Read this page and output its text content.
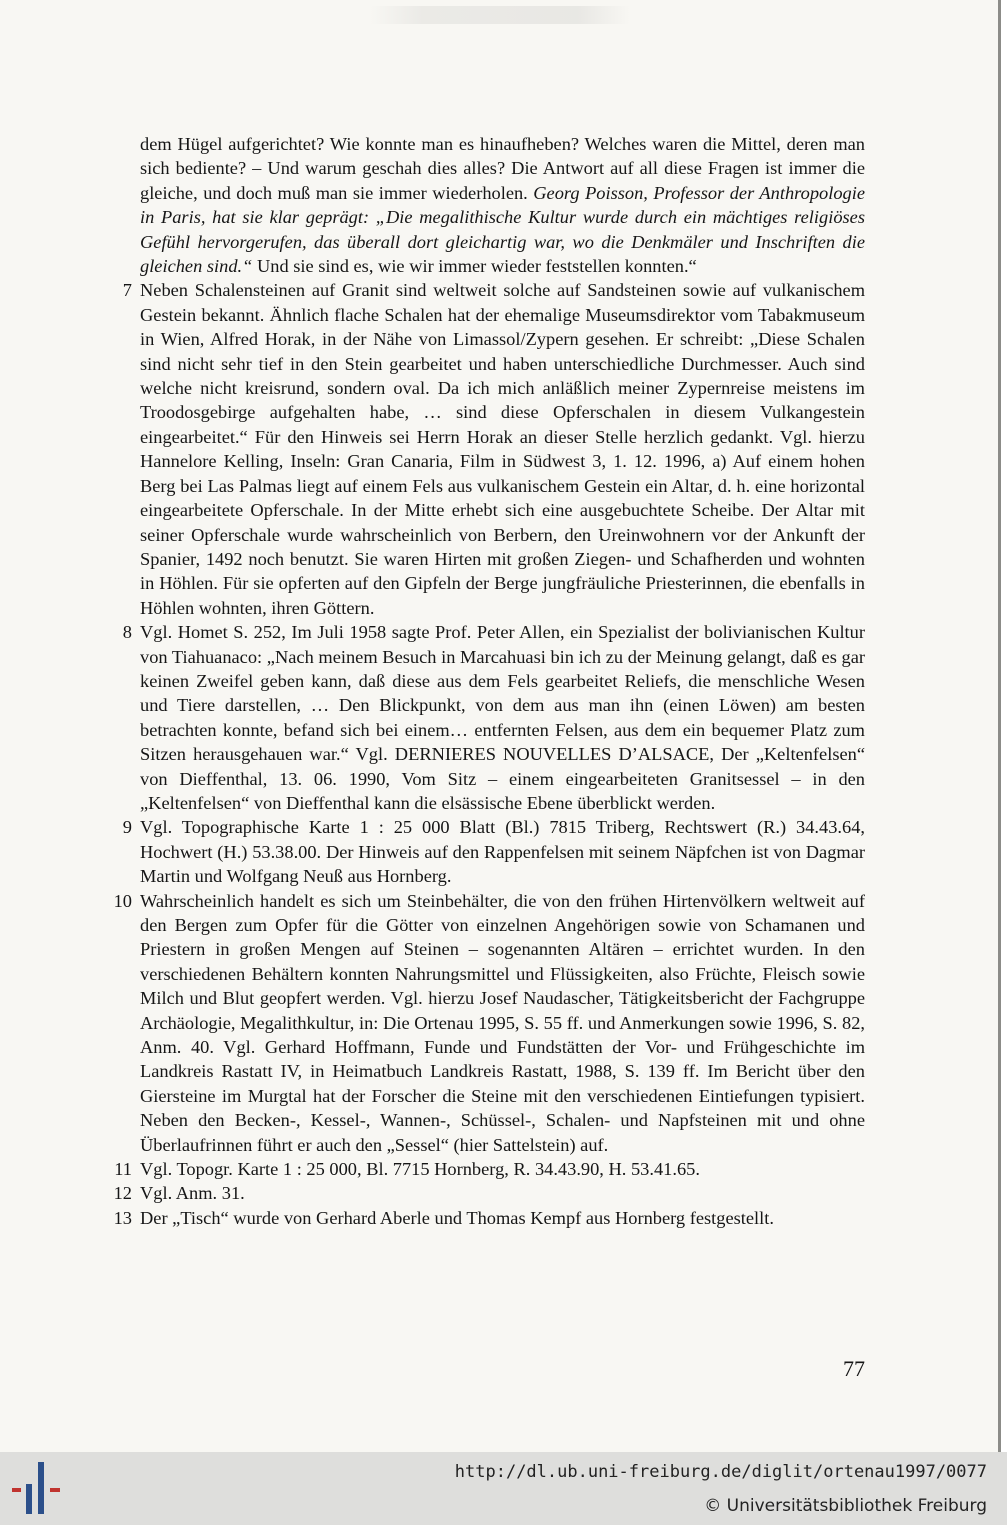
dem Hügel aufgerichtet? Wie konnte man es hinaufheben? Welches waren die Mittel, deren man sich bediente? – Und warum geschah dies alles? Die Antwort auf all diese Fragen ist immer die gleiche, und doch muß man sie immer wiederholen. Georg Poisson, Professor der Anthropologie in Paris, hat sie klar geprägt: „Die megalithische Kultur wurde durch ein mächtiges religiöses Gefühl hervorgerufen, das überall dort gleichartig war, wo die Denkmäler und Inschriften die gleichen sind.“ Und sie sind es, wie wir immer wieder feststellen konnten.“
7 Neben Schalensteinen auf Granit sind weltweit solche auf Sandsteinen sowie auf vulkanischem Gestein bekannt. Ähnlich flache Schalen hat der ehemalige Museumsdirektor vom Tabakmuseum in Wien, Alfred Horak, in der Nähe von Limassol/Zypern gesehen. Er schreibt: „Diese Schalen sind nicht sehr tief in den Stein gearbeitet und haben unterschiedliche Durchmesser. Auch sind welche nicht kreisrund, sondern oval. Da ich mich anläßlich meiner Zypernreise meistens im Troodosgebirge aufgehalten habe, … sind diese Opferschalen in diesem Vulkangestein eingearbeitet.“ Für den Hinweis sei Herrn Horak an dieser Stelle herzlich gedankt. Vgl. hierzu Hannelore Kelling, Inseln: Gran Canaria, Film in Südwest 3, 1. 12. 1996, a) Auf einem hohen Berg bei Las Palmas liegt auf einem Fels aus vulkanischem Gestein ein Altar, d. h. eine horizontal eingearbeitete Opferschale. In der Mitte erhebt sich eine ausgebuchtete Scheibe. Der Altar mit seiner Opferschale wurde wahrscheinlich von Berbern, den Ureinwohnern vor der Ankunft der Spanier, 1492 noch benutzt. Sie waren Hirten mit großen Ziegen- und Schafherden und wohnten in Höhlen. Für sie opferten auf den Gipfeln der Berge jungfräuliche Priesterinnen, die ebenfalls in Höhlen wohnten, ihren Göttern.
8 Vgl. Homet S. 252, Im Juli 1958 sagte Prof. Peter Allen, ein Spezialist der bolivianischen Kultur von Tiahuanaco: „Nach meinem Besuch in Marcahuasi bin ich zu der Meinung gelangt, daß es gar keinen Zweifel geben kann, daß diese aus dem Fels gearbeitet Reliefs, die menschliche Wesen und Tiere darstellen, … Den Blickpunkt, von dem aus man ihn (einen Löwen) am besten betrachten konnte, befand sich bei einem… entfernten Felsen, aus dem ein bequemer Platz zum Sitzen herausgehauen war.“ Vgl. DERNIERES NOUVELLES D’ALSACE, Der „Keltenfelsen“ von Dieffenthal, 13. 06. 1990, Vom Sitz – einem eingearbeiteten Granitsessel – in den „Keltenfelsen“ von Dieffenthal kann die elsässische Ebene überblickt werden.
9 Vgl. Topographische Karte 1 : 25 000 Blatt (Bl.) 7815 Triberg, Rechtswert (R.) 34.43.64, Hochwert (H.) 53.38.00. Der Hinweis auf den Rappenfelsen mit seinem Näpfchen ist von Dagmar Martin und Wolfgang Neuß aus Hornberg.
10 Wahrscheinlich handelt es sich um Steinbehälter, die von den frühen Hirtenvölkern weltweit auf den Bergen zum Opfer für die Götter von einzelnen Angehörigen sowie von Schamanen und Priestern in großen Mengen auf Steinen – sogenannten Altären – errichtet wurden. In den verschiedenen Behältern konnten Nahrungsmittel und Flüssigkeiten, also Früchte, Fleisch sowie Milch und Blut geopfert werden. Vgl. hierzu Josef Naudascher, Tätigkeitsbericht der Fachgruppe Archäologie, Megalithkultur, in: Die Ortenau 1995, S. 55 ff. und Anmerkungen sowie 1996, S. 82, Anm. 40. Vgl. Gerhard Hoffmann, Funde und Fundstätten der Vor- und Frühgeschichte im Landkreis Rastatt IV, in Heimatbuch Landkreis Rastatt, 1988, S. 139 ff. Im Bericht über den Giersteine im Murgtal hat der Forscher die Steine mit den verschiedenen Eintiefungen typisiert. Neben den Becken-, Kessel-, Wannen-, Schüssel-, Schalen- und Napfsteinen mit und ohne Überlaufrinnen führt er auch den „Sessel“ (hier Sattelstein) auf.
11 Vgl. Topogr. Karte 1 : 25 000, Bl. 7715 Hornberg, R. 34.43.90, H. 53.41.65.
12 Vgl. Anm. 31.
13 Der „Tisch“ wurde von Gerhard Aberle und Thomas Kempf aus Hornberg festgestellt.
77
http://dl.ub.uni-freiburg.de/diglit/ortenau1997/0077
© Universitätsbibliothek Freiburg
